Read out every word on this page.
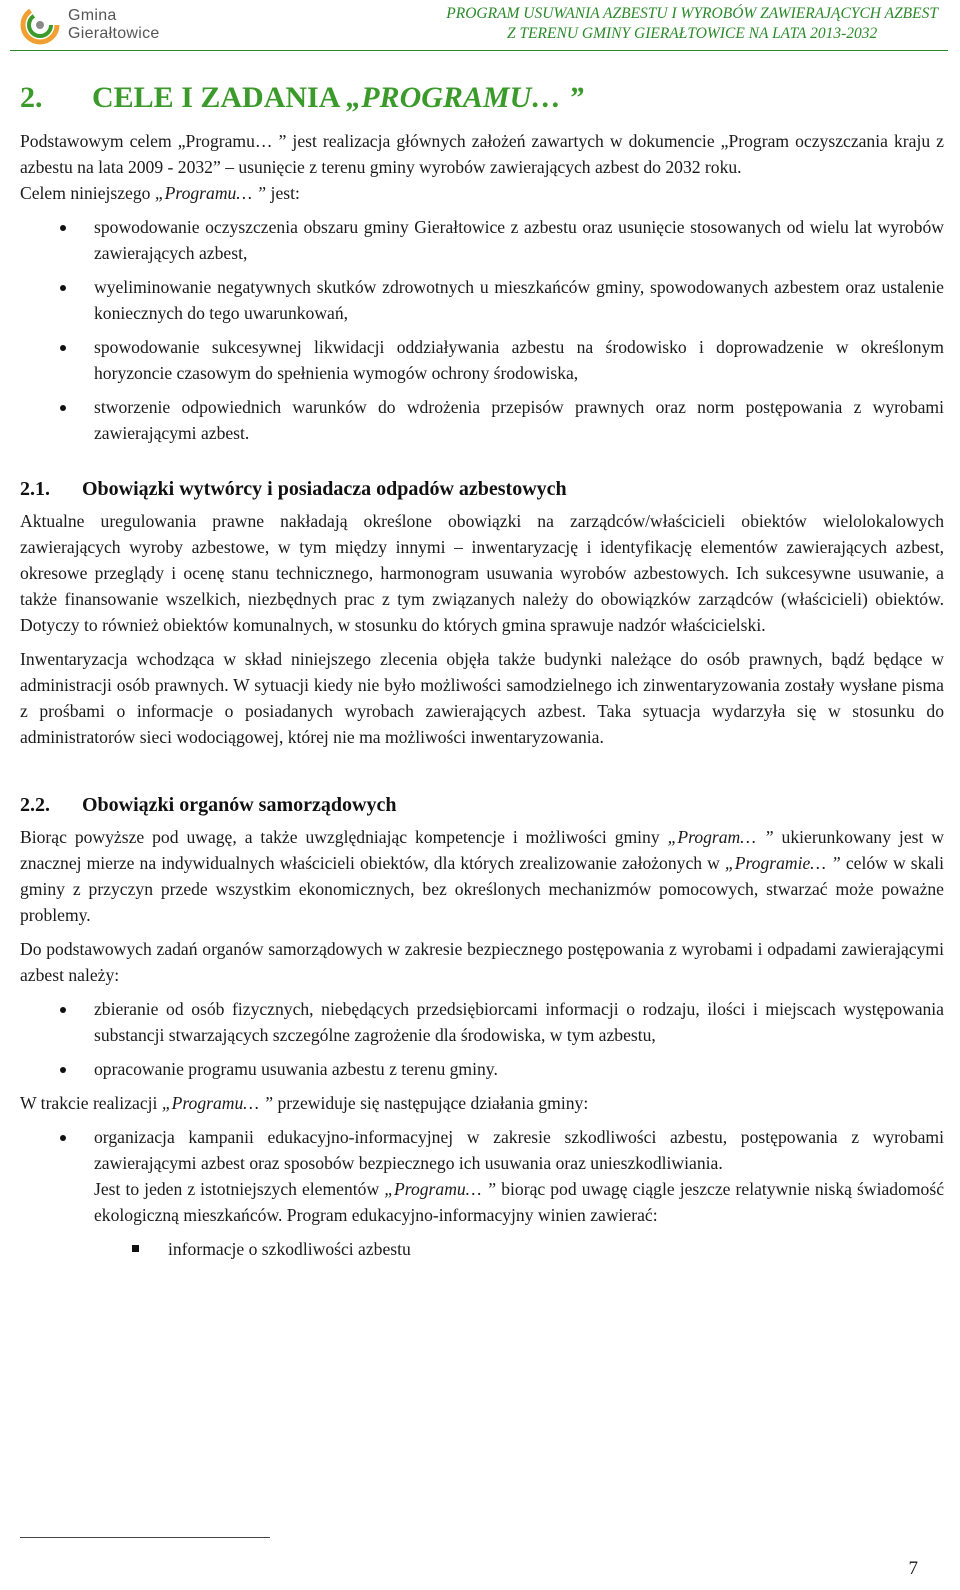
Gmina
Gierałtowice
PROGRAM USUWANIA AZBESTU I WYROBÓW ZAWIERAJĄCYCH AZBEST
Z TERENU GMINY GIERAŁTOWICE NA LATA 2013-2032
2. CELE I ZADANIA „PROGRAMU… ”

Podstawowym celem „Programu… ” jest realizacja głównych założeń zawartych w dokumencie „Program oczyszczania kraju z azbestu na lata 2009 - 2032” – usunięcie z terenu gminy wyrobów zawierających azbest do 2032 roku.

Celem niniejszego „Programu… ” jest:

spowodowanie oczyszczenia obszaru gminy Gierałtowice z azbestu oraz usunięcie stosowanych od wielu lat wyrobów zawierających azbest,
wyeliminowanie negatywnych skutków zdrowotnych u mieszkańców gminy, spowodowanych azbestem oraz ustalenie koniecznych do tego uwarunkowań,
spowodowanie sukcesywnej likwidacji oddziaływania azbestu na środowisko i doprowadzenie w określonym horyzoncie czasowym do spełnienia wymogów ochrony środowiska,
stworzenie odpowiednich warunków do wdrożenia przepisów prawnych oraz norm postępowania z wyrobami zawierającymi azbest.
2.1. Obowiązki wytwórcy i posiadacza odpadów azbestowych

Aktualne uregulowania prawne nakładają określone obowiązki na zarządców/właścicieli obiektów wielolokalowych zawierających wyroby azbestowe, w tym między innymi – inwentaryzację i identyfikację elementów zawierających azbest, okresowe przeglądy i ocenę stanu technicznego, harmonogram usuwania wyrobów azbestowych. Ich sukcesywne usuwanie, a także finansowanie wszelkich, niezbędnych prac z tym związanych należy do obowiązków zarządców (właścicieli) obiektów. Dotyczy to również obiektów komunalnych, w stosunku do których gmina sprawuje nadzór właścicielski.

Inwentaryzacja wchodząca w skład niniejszego zlecenia objęła także budynki należące do osób prawnych, bądź będące w administracji osób prawnych. W sytuacji kiedy nie było możliwości samodzielnego ich zinwentaryzowania zostały wysłane pisma z prośbami o informacje o posiadanych wyrobach zawierających azbest. Taka sytuacja wydarzyła się w stosunku do administratorów sieci wodociągowej, której nie ma możliwości inwentaryzowania.

2.2. Obowiązki organów samorządowych

Biorąc powyższe pod uwagę, a także uwzględniając kompetencje i możliwości gminy „Program… ” ukierunkowany jest w znacznej mierze na indywidualnych właścicieli obiektów, dla których zrealizowanie założonych w „Programie… ” celów w skali gminy z przyczyn przede wszystkim ekonomicznych, bez określonych mechanizmów pomocowych, stwarzać może poważne problemy.

Do podstawowych zadań organów samorządowych w zakresie bezpiecznego postępowania z wyrobami i odpadami zawierającymi azbest należy:

zbieranie od osób fizycznych, niebędących przedsiębiorcami informacji o rodzaju, ilości i miejscach występowania substancji stwarzających szczególne zagrożenie dla środowiska, w tym azbestu,
opracowanie programu usuwania azbestu z terenu gminy.

W trakcie realizacji „Programu… ” przewiduje się następujące działania gminy:

organizacja kampanii edukacyjno-informacyjnej w zakresie szkodliwości azbestu, postępowania z wyrobami zawierającymi azbest oraz sposobów bezpiecznego ich usuwania oraz unieszkodliwiania.
Jest to jeden z istotniejszych elementów „Programu… ” biorąc pod uwagę ciągle jeszcze relatywnie niską świadomość ekologiczną mieszkańców. Program edukacyjno-informacyjny winien zawierać:
informacje o szkodliwości azbestu
7
